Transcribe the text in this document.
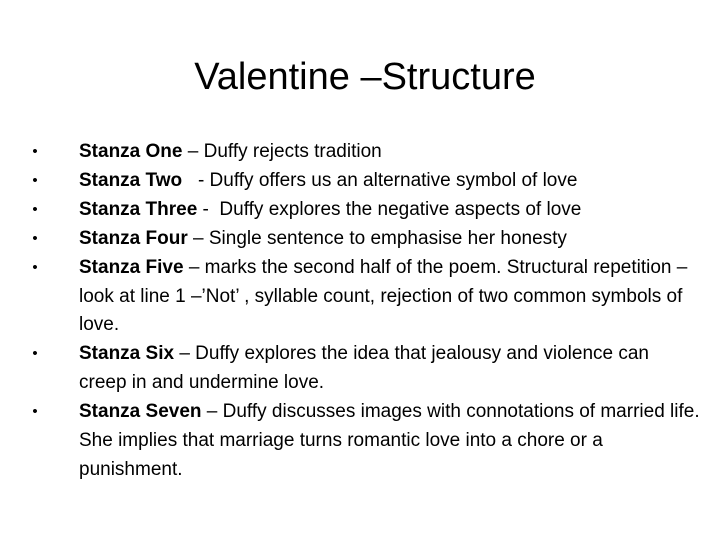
Valentine –Structure
• Stanza One – Duffy rejects tradition
• Stanza Two   - Duffy offers us an alternative symbol of love
• Stanza Three -  Duffy explores the negative aspects of love
• Stanza Four – Single sentence to emphasise her honesty
• Stanza Five – marks the second half of the poem. Structural repetition – look at line 1 –’Not’ , syllable count, rejection of two common symbols of love.
• Stanza Six – Duffy explores the idea that jealousy and violence can creep in and undermine love.
• Stanza Seven – Duffy discusses images with connotations of married life.  She implies that marriage turns romantic love into a chore or a punishment.
